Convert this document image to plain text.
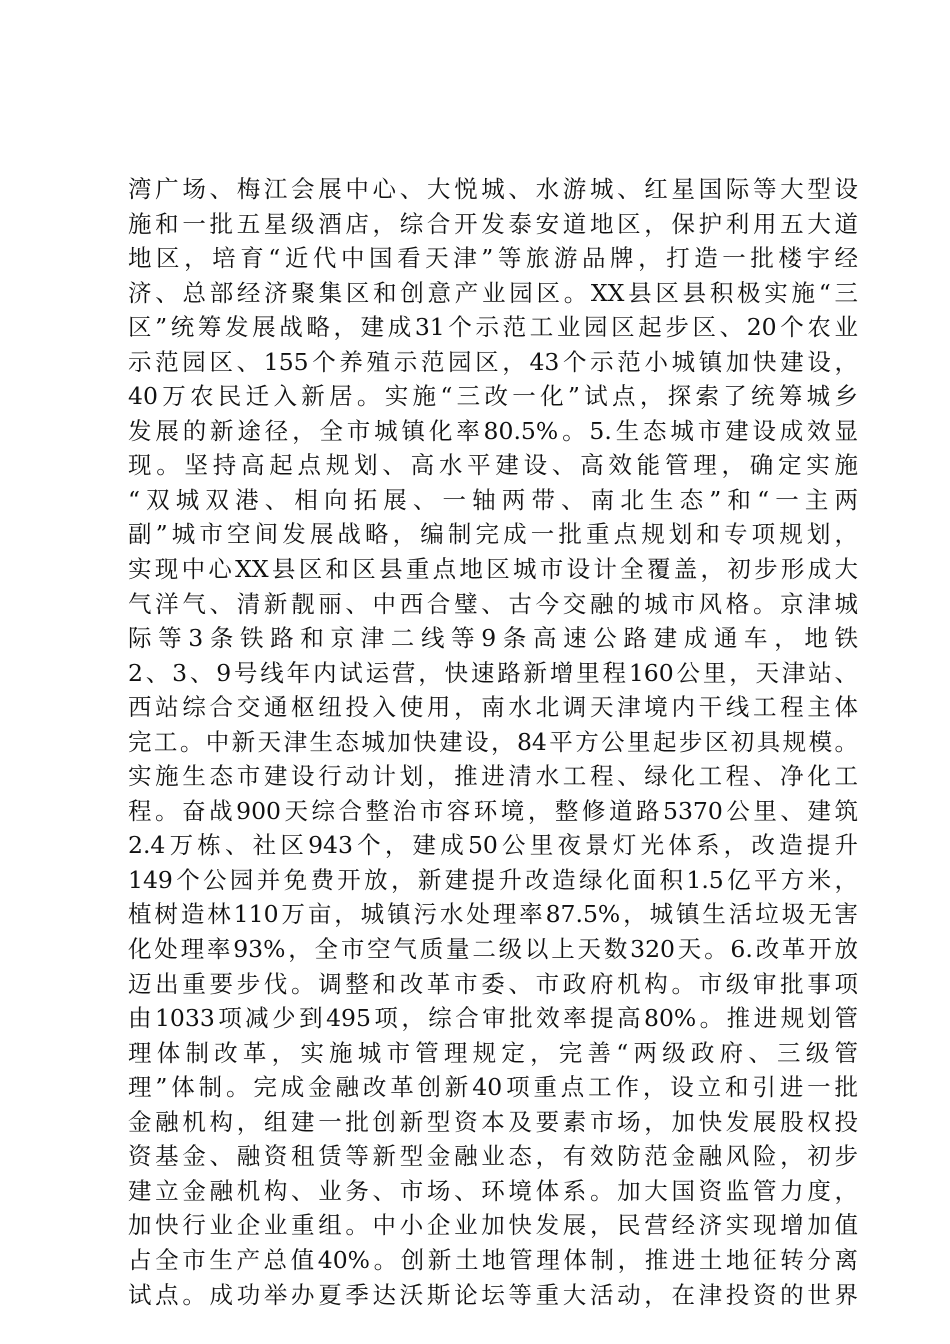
湾广场、梅江会展中心、大悦城、水游城、红星国际等大型设
施和一批五星级酒店，综合开发泰安道地区，保护利用五大道
地区，培育“近代中国看天津”等旅游品牌，打造一批楼宇经
济、总部经济聚集区和创意产业园区。XX县区县积极实施“三
区”统筹发展战略，建成31个示范工业园区起步区、20个农业
示范园区、155个养殖示范园区，43个示范小城镇加快建设，
40万农民迁入新居。实施“三改一化”试点，探索了统筹城乡
发展的新途径，全市城镇化率80.5%。5.生态城市建设成效显
现。坚持高起点规划、高水平建设、高效能管理，确定实施
“双城双港、相向拓展、一轴两带、南北生态”和“一主两
副”城市空间发展战略，编制完成一批重点规划和专项规划，
实现中心XX县区和区县重点地区城市设计全覆盖，初步形成大
气洋气、清新靓丽、中西合璧、古今交融的城市风格。京津城
际等3条铁路和京津二线等9条高速公路建成通车，地铁
2、3、9号线年内试运营，快速路新增里程160公里，天津站、
西站综合交通枢纽投入使用，南水北调天津境内干线工程主体
完工。中新天津生态城加快建设，84平方公里起步区初具规模。
实施生态市建设行动计划，推进清水工程、绿化工程、净化工
程。奋战900天综合整治市容环境，整修道路5370公里、建筑
2.4万栋、社区943个，建成50公里夜景灯光体系，改造提升
149个公园并免费开放，新建提升改造绿化面积1.5亿平方米，
植树造林110万亩，城镇污水处理率87.5%，城镇生活垃圾无害
化处理率93%，全市空气质量二级以上天数320天。6.改革开放
迈出重要步伐。调整和改革市委、市政府机构。市级审批事项
由1033项减少到495项，综合审批效率提高80%。推进规划管
理体制改革，实施城市管理规定，完善“两级政府、三级管
理”体制。完成金融改革创新40项重点工作，设立和引进一批
金融机构，组建一批创新型资本及要素市场，加快发展股权投
资基金、融资租赁等新型金融业态，有效防范金融风险，初步
建立金融机构、业务、市场、环境体系。加大国资监管力度，
加快行业企业重组。中小企业加快发展，民营经济实现增加值
占全市生产总值40%。创新土地管理体制，推进土地征转分离
试点。成功举办夏季达沃斯论坛等重大活动，在津投资的世界
